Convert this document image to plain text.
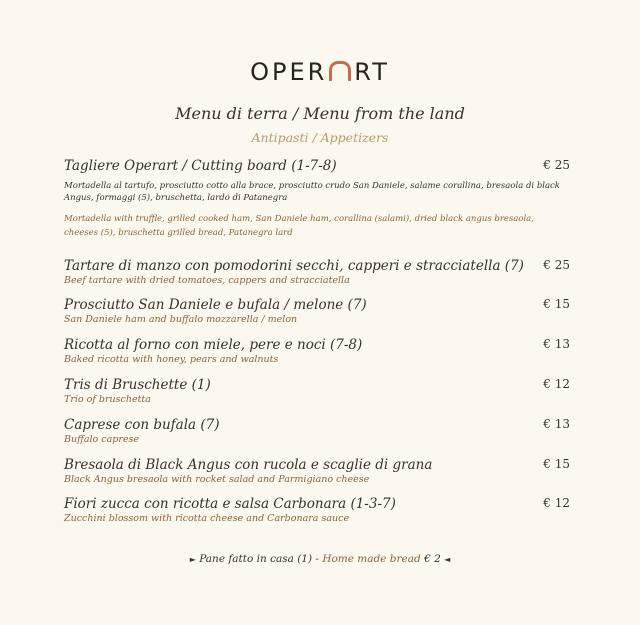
OPER RT
Menu di terra / Menu from the land
Antipasti / Appetizers
Tagliere Operart / Cutting board (1-7-8)	€ 25
Mortadella al tartufo, prosciutto cotto alla brace, prosciutto crudo San Daniele, salame corallina, bresaola di black Angus, formaggi (5), bruschetta, lardo di Patanegra
Mortadella with truffle, grilled cooked ham, San Daniele ham, corallina (salami), dried black angus bresaola, cheeses (5), bruschetta grilled bread, Patanegra lard
Tartare di manzo con pomodorini secchi, capperi e stracciatella (7)	€ 25
Beef tartare with dried tomatoes, cappers and stracciatella
Prosciutto San Daniele e bufala / melone (7)	€ 15
San Daniele ham and buffalo mozzarella / melon
Ricotta al forno con miele, pere e noci (7-8)	€ 13
Baked ricotta with honey, pears and walnuts
Tris di Bruschette (1)	€ 12
Trio of bruschetta
Caprese con bufala (7)	€ 13
Buffalo caprese
Bresaola di Black Angus con rucola e scaglie di grana	€ 15
Black Angus bresaola with rocket salad and Parmigiano cheese
Fiori zucca con ricotta e salsa Carbonara (1-3-7)	€ 12
Zucchini blossom with ricotta cheese and Carbonara sauce
► Pane fatto in casa (1) - Home made bread € 2 ◄
